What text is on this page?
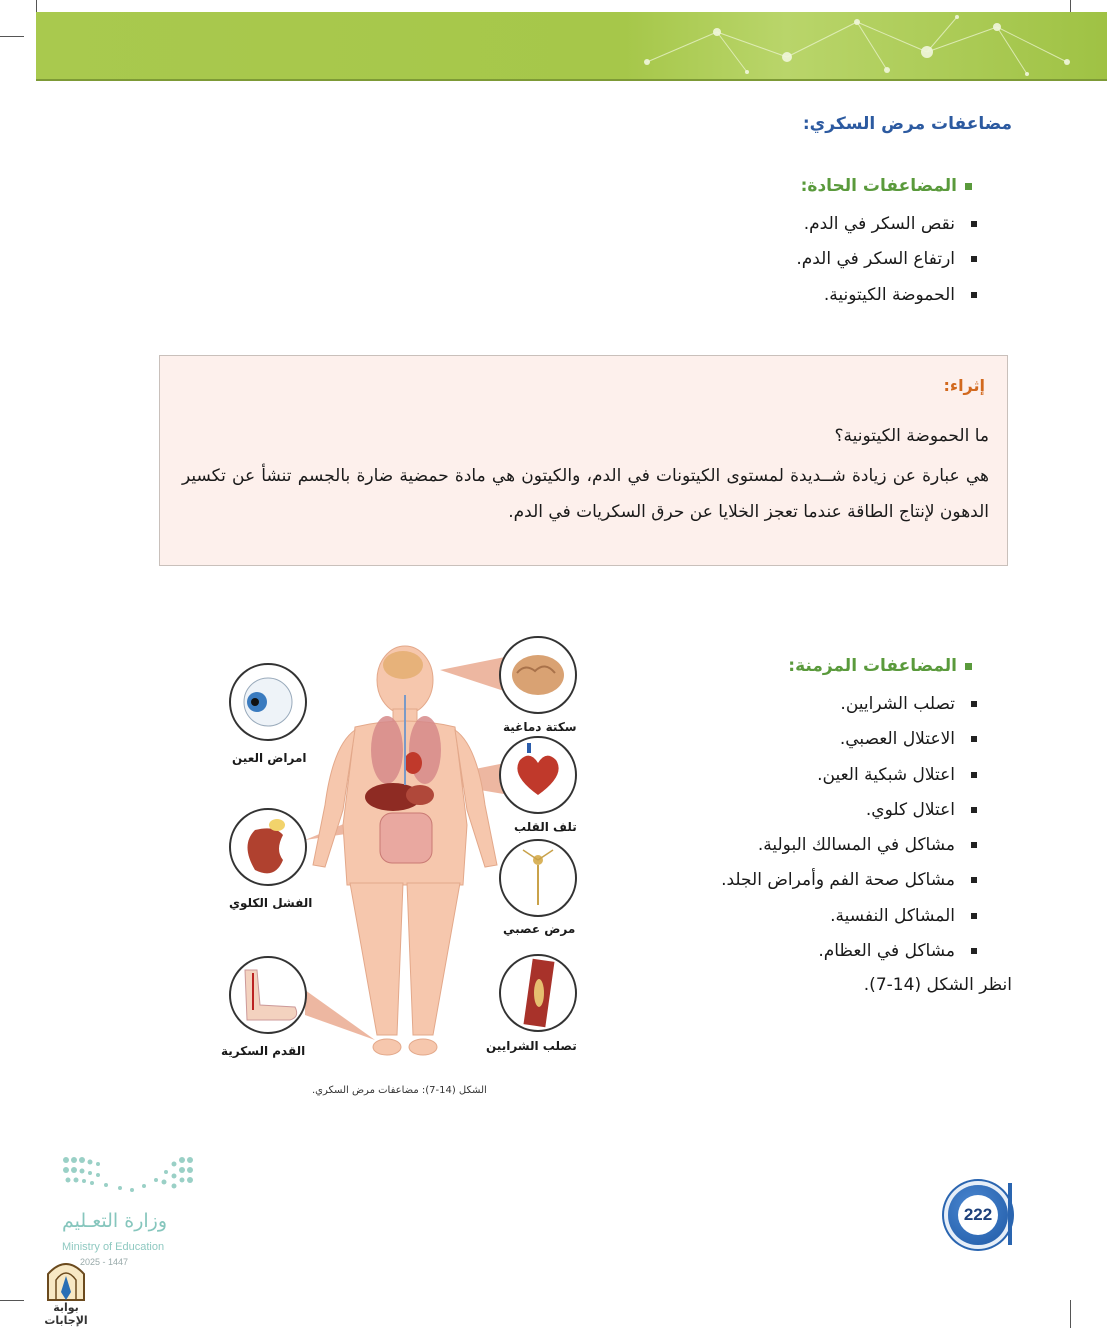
مضاعفات مرض السكري:
المضاعفات الحادة:
نقص السكر في الدم.
ارتفاع السكر في الدم.
الحموضة الكيتونية.
إثراء:
ما الحموضة الكيتونية؟
هي عبارة عن زيادة شــديدة لمستوى الكيتونات في الدم، والكيتون هي مادة حمضية ضارة بالجسم تنشأ عن تكسير الدهون لإنتاج الطاقة عندما تعجز الخلايا عن حرق السكريات في الدم.
المضاعفات المزمنة:
تصلب الشرايين.
الاعتلال العصبي.
اعتلال شبكية العين.
اعتلال كلوي.
مشاكل في المسالك البولية.
مشاكل صحة الفم وأمراض الجلد.
المشاكل النفسية.
مشاكل في العظام.
انظر الشكل (14-7).
سكتة دماغية
امراض العين
تلف القلب
الفشل الكلوي
مرض عصبي
القدم السكرية	تصلب الشرايين
الشكل (14-7): مضاعفات مرض السكري.
222
وزارة التعـليم
Ministry of Education
2025 - 1447
بوابة الإجابات
